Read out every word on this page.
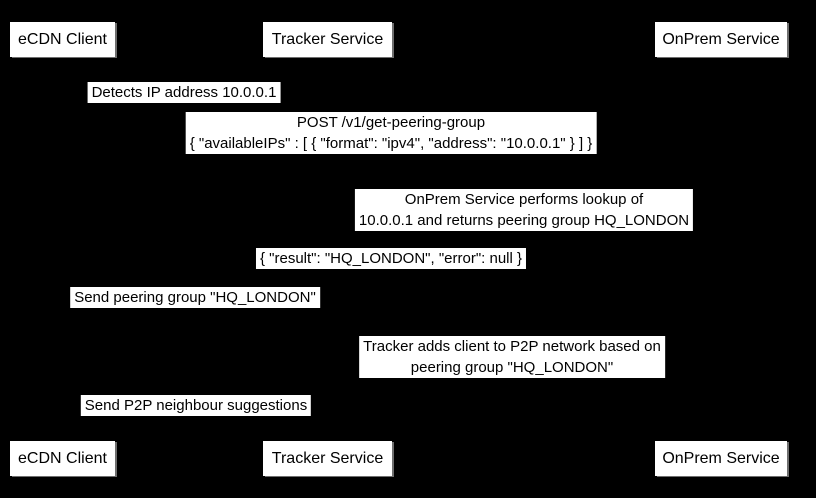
eCDN Client	Tracker Service	OnPrem Service
Detects IP address 10.0.0.1
POST /v1/get-peering-group
{ "availableIPs" : [ { "format": "ipv4", "address": "10.0.0.1" } ] }
OnPrem Service performs lookup of
10.0.0.1 and returns peering group HQ_LONDON
{ "result": "HQ_LONDON", "error": null }
Send peering group "HQ_LONDON"
Tracker adds client to P2P network based on
peering group "HQ_LONDON"
Send P2P neighbour suggestions
eCDN Client	Tracker Service	OnPrem Service
